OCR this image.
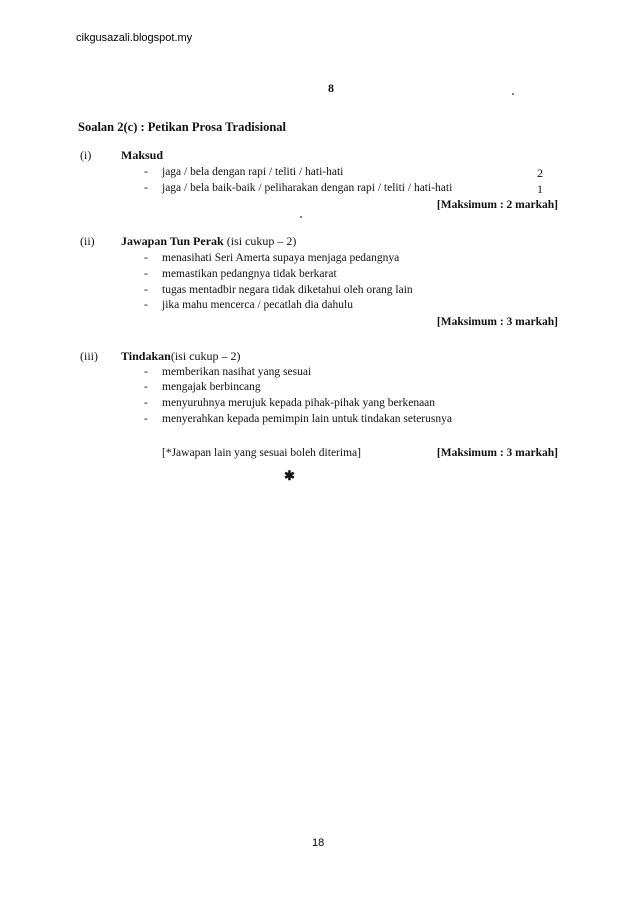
cikgusazali.blogspot.my
8
Soalan 2(c) : Petikan Prosa Tradisional
(i) Maksud
- jaga / bela dengan rapi / teliti / hati-hati	2
- jaga / bela baik-baik / peliharakan dengan rapi / teliti / hati-hati	1
[Maksimum : 2 markah]
(ii) Jawapan Tun Perak (isi cukup – 2)
- menasihati Seri Amerta supaya menjaga pedangnya
- memastikan pedangnya tidak berkarat
- tugas mentadbir negara tidak diketahui oleh orang lain
- jika mahu mencerca / pecatlah dia dahulu
[Maksimum : 3 markah]
(iii) Tindakan(isi cukup – 2)
- memberikan nasihat yang sesuai
- mengajak berbincang
- menyuruhnya merujuk kepada pihak-pihak yang berkenaan
- menyerahkan kepada pemimpin lain untuk tindakan seterusnya
[*Jawapan lain yang sesuai boleh diterima]	[Maksimum : 3 markah]
✱
18
